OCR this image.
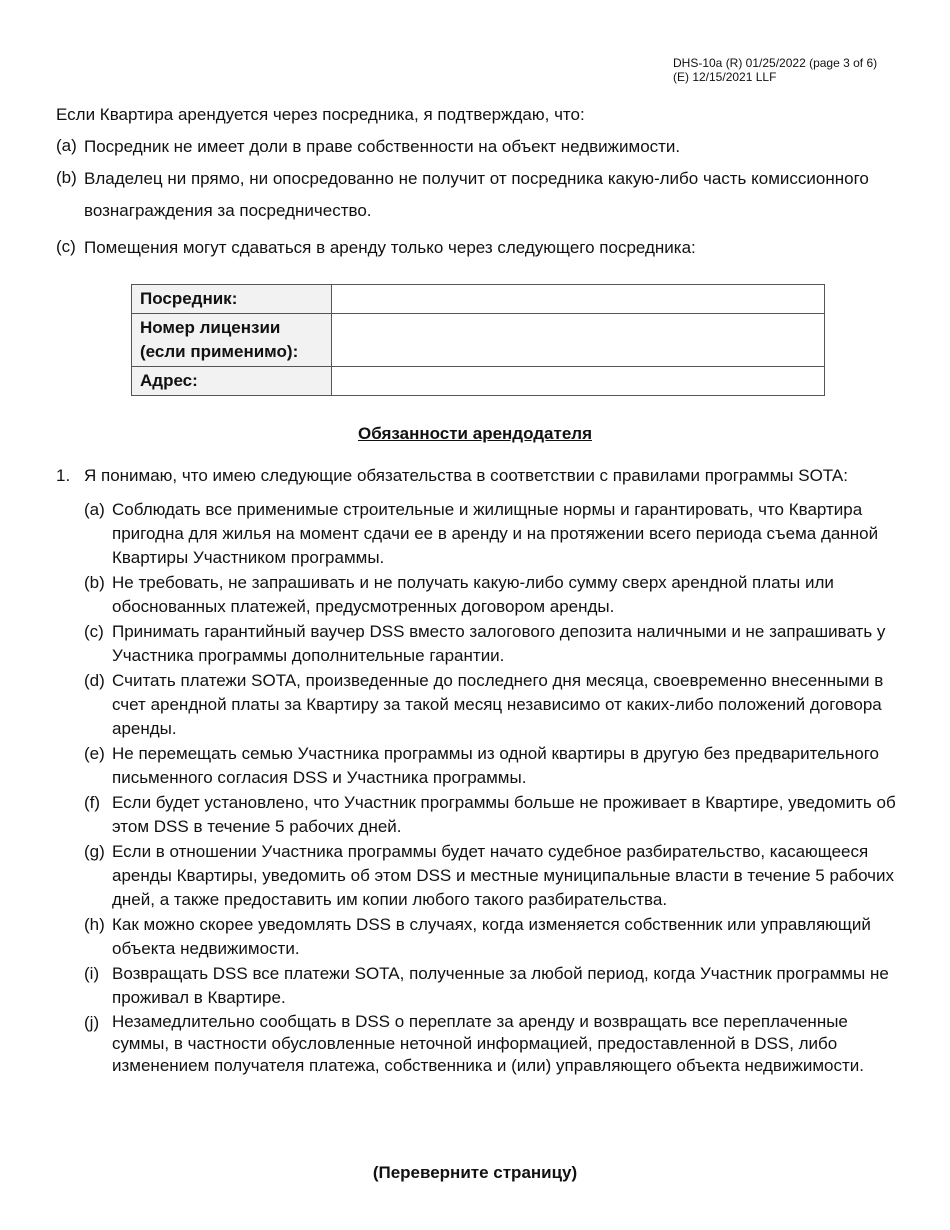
DHS-10a (R) 01/25/2022 (page 3 of 6)
(E) 12/15/2021 LLF

Если Квартира арендуется через посредника, я подтверждаю, что:

(a) Посредник не имеет доли в праве собственности на объект недвижимости.
(b) Владелец ни прямо, ни опосредованно не получит от посредника какую-либо часть комиссионного вознаграждения за посредничество.
(c) Помещения могут сдаваться в аренду только через следующего посредника:
Посредник:	
Номер лицензии (если применимо):	
Адрес:	
Обязанности арендодателя
1. Я понимаю, что имею следующие обязательства в соответствии с правилами программы SOTA:
(a) Соблюдать все применимые строительные и жилищные нормы и гарантировать, что Квартира пригодна для жилья на момент сдачи ее в аренду и на протяжении всего периода съема данной Квартиры Участником программы.
(b) Не требовать, не запрашивать и не получать какую-либо сумму сверх арендной платы или обоснованных платежей, предусмотренных договором аренды.
(c) Принимать гарантийный ваучер DSS вместо залогового депозита наличными и не запрашивать у Участника программы дополнительные гарантии.
(d) Считать платежи SOTA, произведенные до последнего дня месяца, своевременно внесенными в счет арендной платы за Квартиру за такой месяц независимо от каких-либо положений договора аренды.
(e) Не перемещать семью Участника программы из одной квартиры в другую без предварительного письменного согласия DSS и Участника программы.
(f) Если будет установлено, что Участник программы больше не проживает в Квартире, уведомить об этом DSS в течение 5 рабочих дней.
(g) Если в отношении Участника программы будет начато судебное разбирательство, касающееся аренды Квартиры, уведомить об этом DSS и местные муниципальные власти в течение 5 рабочих дней, а также предоставить им копии любого такого разбирательства.
(h) Как можно скорее уведомлять DSS в случаях, когда изменяется собственник или управляющий объекта недвижимости.
(i) Возвращать DSS все платежи SOTA, полученные за любой период, когда Участник программы не проживал в Квартире.
(j) Незамедлительно сообщать в DSS о переплате за аренду и возвращать все переплаченные суммы, в частности обусловленные неточной информацией, предоставленной в DSS, либо изменением получателя платежа, собственника и (или) управляющего объекта недвижимости.
(Переверните страницу)
